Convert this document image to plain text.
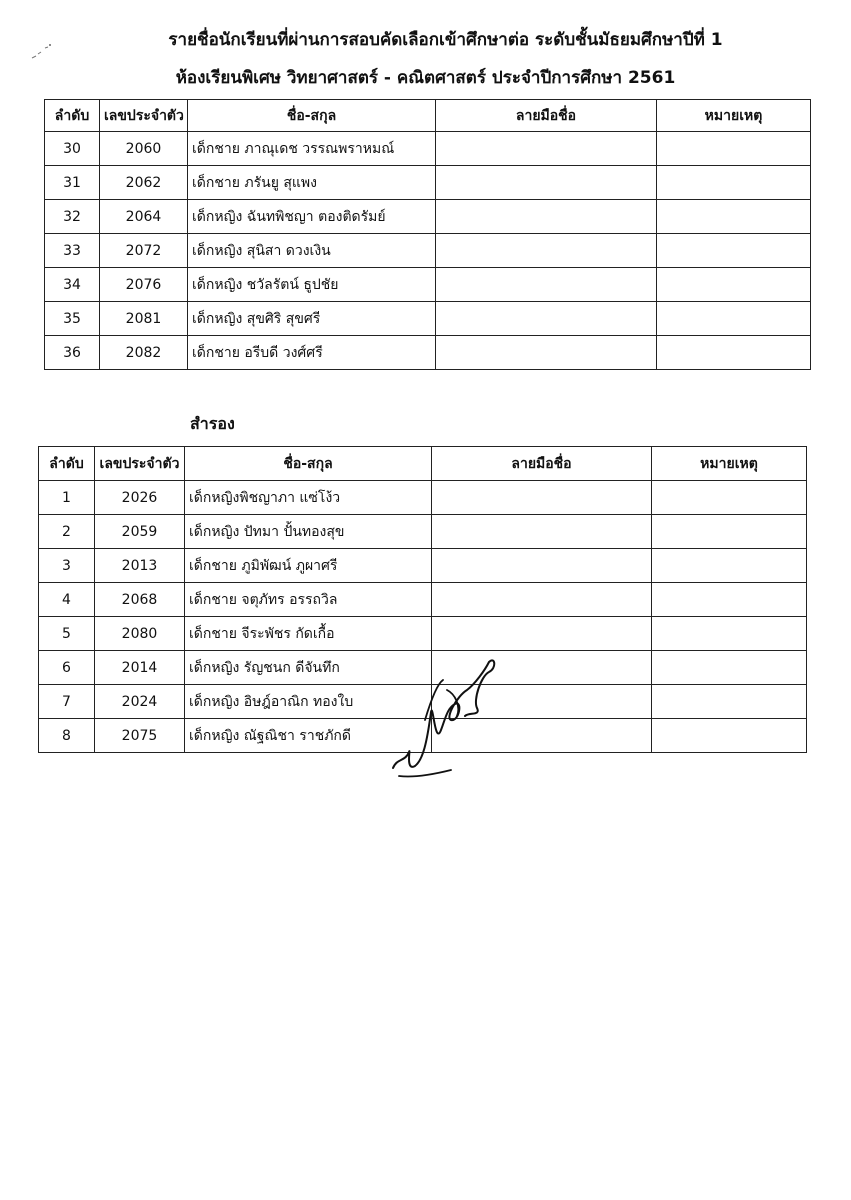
รายชื่อนักเรียนที่ผ่านการสอบคัดเลือกเข้าศึกษาต่อ ระดับชั้นมัธยมศึกษาปีที่ 1
ห้องเรียนพิเศษ วิทยาศาสตร์ - คณิตศาสตร์ ประจำปีการศึกษา 2561
ลำดับ	เลขประจำตัว	ชื่อ-สกุล	ลายมือชื่อ	หมายเหตุ
30	2060	เด็กชาย ภาณุเดช วรรณพราหมณ์		
31	2062	เด็กชาย ภรันยู สุแพง		
32	2064	เด็กหญิง ฉันทพิชญา ตองติดรัมย์		
33	2072	เด็กหญิง สุนิสา ดวงเงิน		
34	2076	เด็กหญิง ชวัลรัตน์ ธูปชัย		
35	2081	เด็กหญิง สุขศิริ สุขศรี		
36	2082	เด็กชาย อรีบดี วงศ์ศรี		
สำรอง
ลำดับ	เลขประจำตัว	ชื่อ-สกุล	ลายมือชื่อ	หมายเหตุ
1	2026	เด็กหญิงพิชญาภา แซ่โง้ว		
2	2059	เด็กหญิง ปัทมา ปั้นทองสุข		
3	2013	เด็กชาย ภูมิพัฒน์ ภูผาศรี		
4	2068	เด็กชาย จตุภัทร อรรถวิล		
5	2080	เด็กชาย จีระพัชร กัดเกื้อ		
6	2014	เด็กหญิง รัญชนก ดีจันทึก		
7	2024	เด็กหญิง อิษฎ์อาณิก ทองใบ		
8	2075	เด็กหญิง ณัฐณิชา ราชภักดี		
